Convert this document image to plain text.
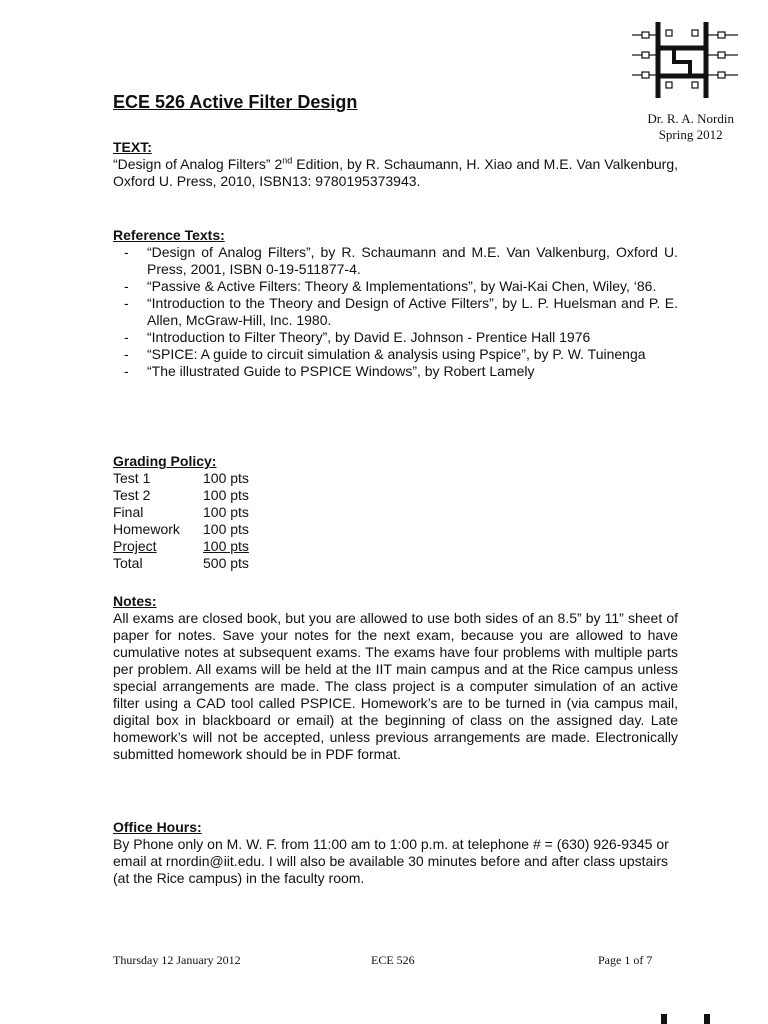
Dr. R. A. Nordin
Spring 2012
ECE 526 Active Filter Design
TEXT:
“Design of Analog Filters” 2nd Edition, by R. Schaumann, H. Xiao and M.E. Van Valkenburg, Oxford U. Press, 2010, ISBN13: 9780195373943.
Reference Texts:
- “Design of Analog Filters”, by R. Schaumann and M.E. Van Valkenburg, Oxford U. Press, 2001, ISBN 0-19-511877-4.
- “Passive & Active Filters: Theory & Implementations”, by Wai-Kai Chen, Wiley, ‘86.
- “Introduction to the Theory and Design of Active Filters”, by L. P. Huelsman and P. E. Allen, McGraw-Hill, Inc. 1980.
- “Introduction to Filter Theory”, by David E. Johnson - Prentice Hall 1976
- “SPICE: A guide to circuit simulation & analysis using Pspice”, by P. W. Tuinenga
- “The illustrated Guide to PSPICE Windows”, by Robert Lamely
Grading Policy:
Test 1	100 pts
Test 2	100 pts
Final	100 pts
Homework	100 pts
Project	100 pts
Total	500 pts
Notes:
All exams are closed book, but you are allowed to use both sides of an 8.5” by 11” sheet of paper for notes. Save your notes for the next exam, because you are allowed to have cumulative notes at subsequent exams. The exams have four problems with multiple parts per problem. All exams will be held at the IIT main campus and at the Rice campus unless special arrangements are made. The class project is a computer simulation of an active filter using a CAD tool called PSPICE. Homework’s are to be turned in (via campus mail, digital box in blackboard or email) at the beginning of class on the assigned day. Late homework’s will not be accepted, unless previous arrangements are made. Electronically submitted homework should be in PDF format.
Office Hours:
By Phone only on M. W. F. from 11:00 am to 1:00 p.m. at telephone # = (630) 926-9345 or email at rnordin@iit.edu. I will also be available 30 minutes before and after class upstairs (at the Rice campus) in the faculty room.
Thursday 12 January 2012	ECE 526	Page 1 of 7
